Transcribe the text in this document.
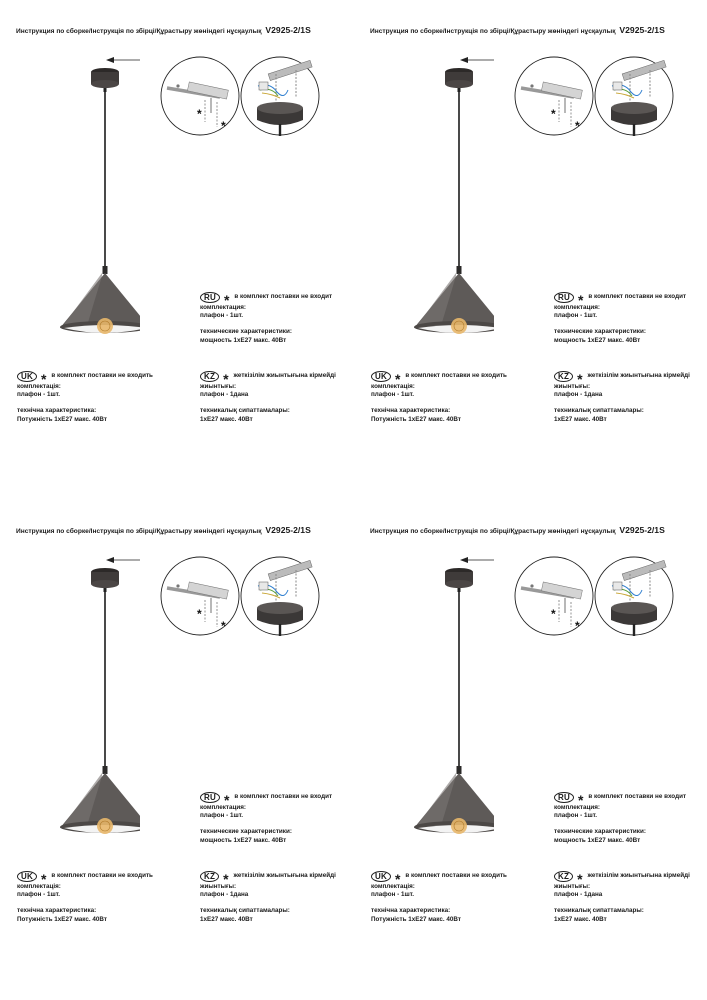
Инструкция по сборке/Інструкція по збірці/Құрастыру жөніндегі нұсқаулық V2925-2/1S
*
*
RU * в комплект поставки не входит
комплектация:
плафон - 1шт.
технические характеристики:
мощность 1хЕ27 макс. 40Вт
UK * в комплект поставки не входить
комплектація:
плафон - 1шт.
технічна характеристика:
Потужність 1хЕ27 макс. 40Вт
KZ * жеткізілім жиынтығына кірмейді
жиынтығы:
плафон - 1дана
техникалық сипаттамалары:
1хЕ27 макс. 40Вт
Инструкция по сборке/Інструкція по збірці/Құрастыру жөніндегі нұсқаулық V2925-2/1S
*
*
RU * в комплект поставки не входит
комплектация:
плафон - 1шт.
технические характеристики:
мощность 1хЕ27 макс. 40Вт
UK * в комплект поставки не входить
комплектація:
плафон - 1шт.
технічна характеристика:
Потужність 1хЕ27 макс. 40Вт
KZ * жеткізілім жиынтығына кірмейді
жиынтығы:
плафон - 1дана
техникалық сипаттамалары:
1хЕ27 макс. 40Вт
Инструкция по сборке/Інструкція по збірці/Құрастыру жөніндегі нұсқаулық V2925-2/1S
*
*
RU * в комплект поставки не входит
комплектация:
плафон - 1шт.
технические характеристики:
мощность 1хЕ27 макс. 40Вт
UK * в комплект поставки не входить
комплектація:
плафон - 1шт.
технічна характеристика:
Потужність 1хЕ27 макс. 40Вт
KZ * жеткізілім жиынтығына кірмейді
жиынтығы:
плафон - 1дана
техникалық сипаттамалары:
1хЕ27 макс. 40Вт
Инструкция по сборке/Інструкція по збірці/Құрастыру жөніндегі нұсқаулық V2925-2/1S
*
*
RU * в комплект поставки не входит
комплектация:
плафон - 1шт.
технические характеристики:
мощность 1хЕ27 макс. 40Вт
UK * в комплект поставки не входить
комплектація:
плафон - 1шт.
технічна характеристика:
Потужність 1хЕ27 макс. 40Вт
KZ * жеткізілім жиынтығына кірмейді
жиынтығы:
плафон - 1дана
техникалық сипаттамалары:
1хЕ27 макс. 40Вт
